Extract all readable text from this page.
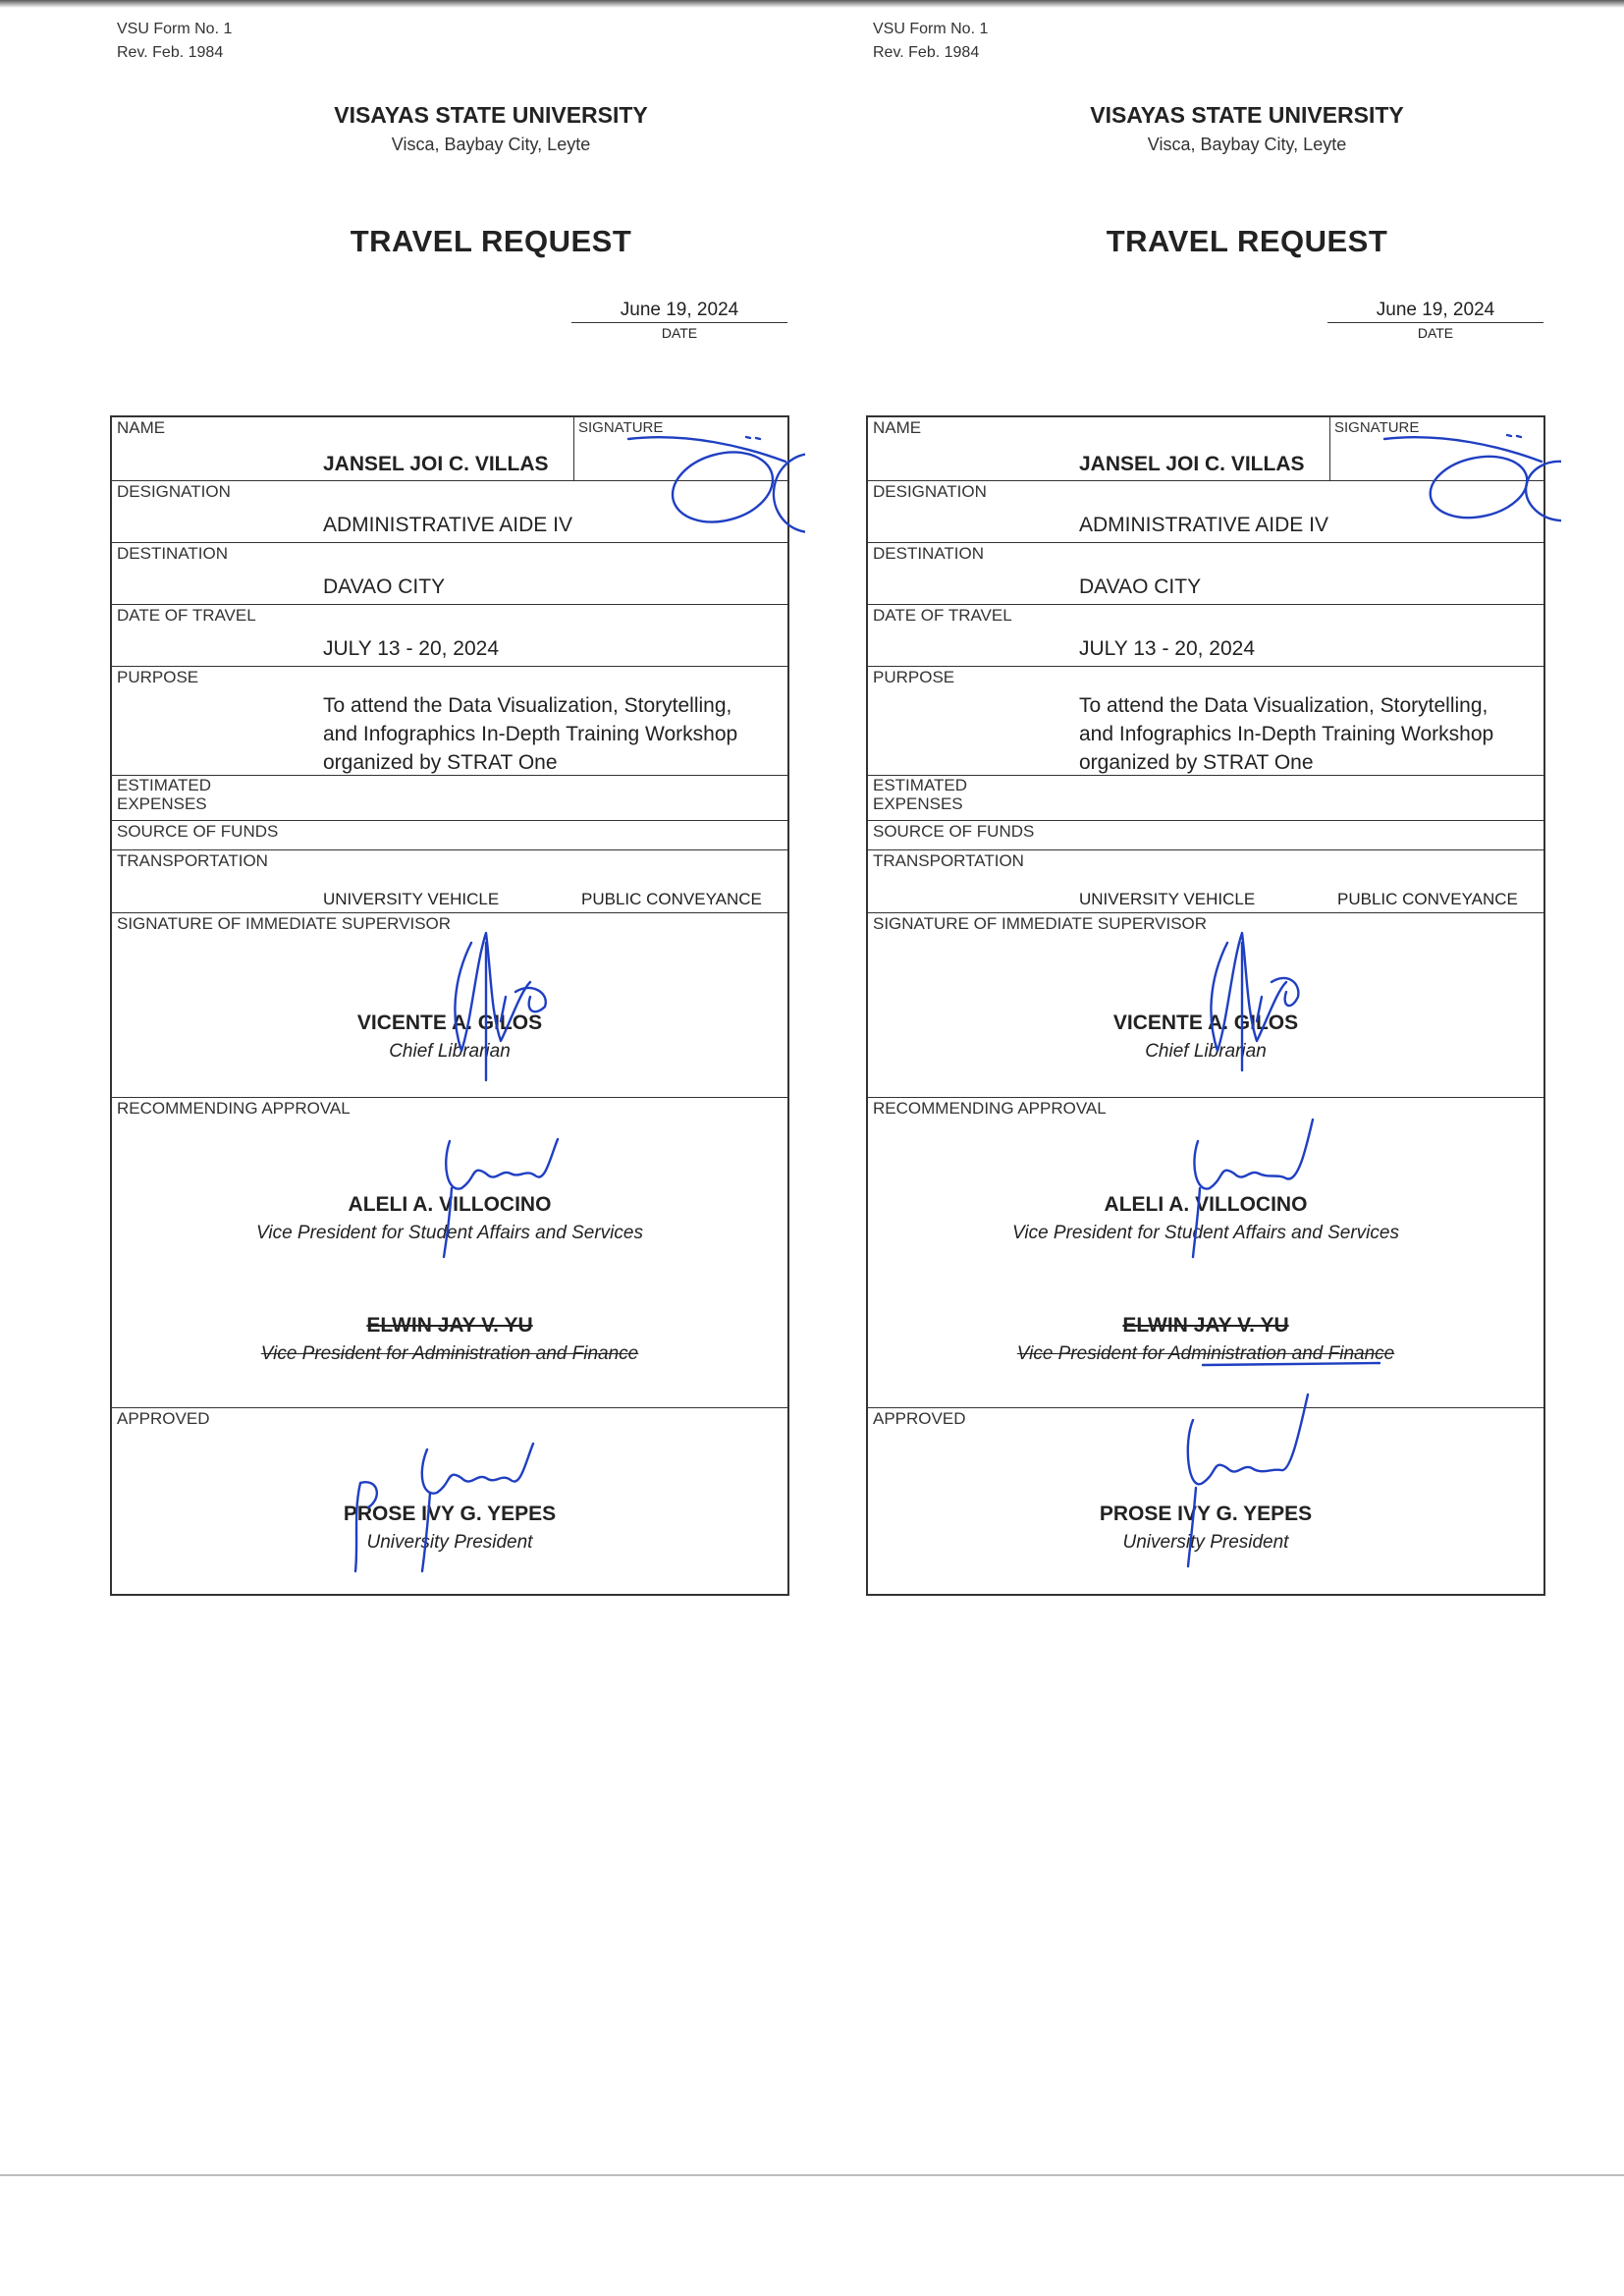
VSU Form No. 1
Rev. Feb. 1984
VISAYAS STATE UNIVERSITY
Visca, Baybay City, Leyte
TRAVEL REQUEST
June 19, 2024
DATE
NAME
JANSEL JOI C. VILLAS
SIGNATURE
DESIGNATION
ADMINISTRATIVE AIDE IV
DESTINATION
DAVAO CITY
DATE OF TRAVEL
JULY 13 - 20, 2024
PURPOSE
To attend the Data Visualization, Storytelling,
and Infographics In-Depth Training Workshop
organized by STRAT One
ESTIMATED
EXPENSES
SOURCE OF FUNDS
TRANSPORTATION
UNIVERSITY VEHICLE	PUBLIC CONVEYANCE
SIGNATURE OF IMMEDIATE SUPERVISOR
VICENTE A. GILOS
Chief Librarian
RECOMMENDING APPROVAL
ALELI A. VILLOCINO
Vice President for Student Affairs and Services
ELWIN JAY V. YU
Vice President for Administration and Finance
APPROVED
PROSE IVY G. YEPES
University President
VSU Form No. 1
Rev. Feb. 1984
VISAYAS STATE UNIVERSITY
Visca, Baybay City, Leyte
TRAVEL REQUEST
June 19, 2024
DATE
NAME
JANSEL JOI C. VILLAS
SIGNATURE
DESIGNATION
ADMINISTRATIVE AIDE IV
DESTINATION
DAVAO CITY
DATE OF TRAVEL
JULY 13 - 20, 2024
PURPOSE
To attend the Data Visualization, Storytelling,
and Infographics In-Depth Training Workshop
organized by STRAT One
ESTIMATED
EXPENSES
SOURCE OF FUNDS
TRANSPORTATION
UNIVERSITY VEHICLE	PUBLIC CONVEYANCE
SIGNATURE OF IMMEDIATE SUPERVISOR
VICENTE A. GILOS
Chief Librarian
RECOMMENDING APPROVAL
ALELI A. VILLOCINO
Vice President for Student Affairs and Services
ELWIN JAY V. YU
Vice President for Administration and Finance
APPROVED
PROSE IVY G. YEPES
University President
